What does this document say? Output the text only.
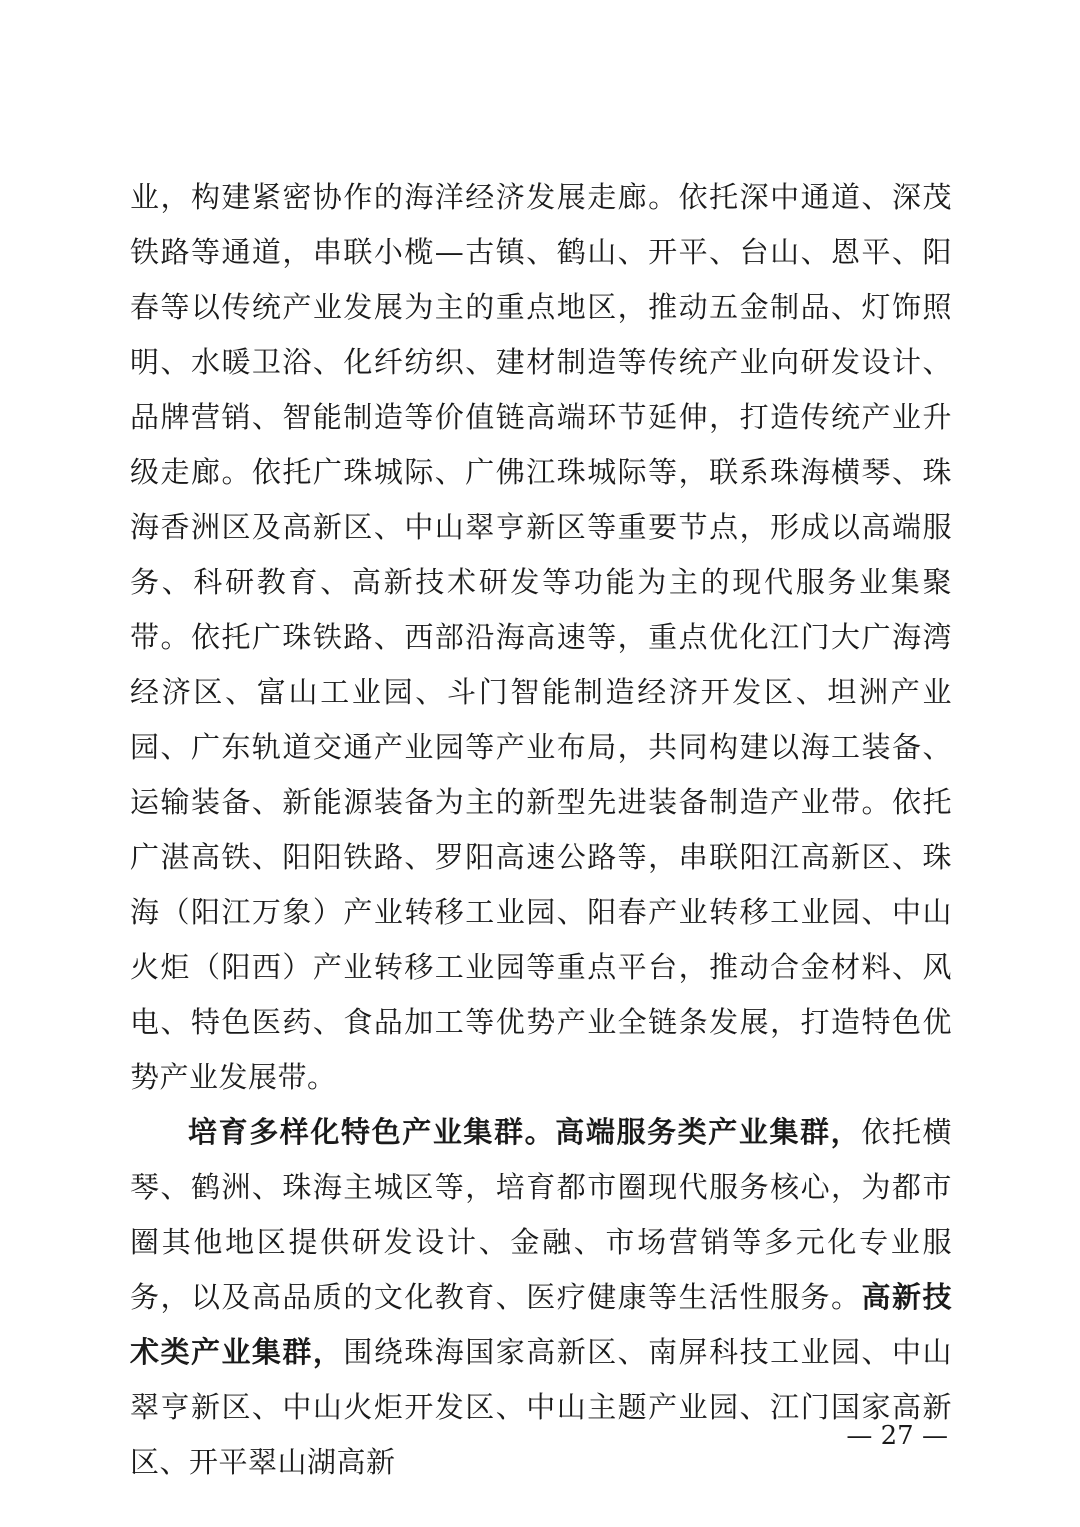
业，构建紧密协作的海洋经济发展走廊。依托深中通道、深茂铁路等通道，串联小榄—古镇、鹤山、开平、台山、恩平、阳春等以传统产业发展为主的重点地区，推动五金制品、灯饰照明、水暖卫浴、化纤纺织、建材制造等传统产业向研发设计、品牌营销、智能制造等价值链高端环节延伸，打造传统产业升级走廊。依托广珠城际、广佛江珠城际等，联系珠海横琴、珠海香洲区及高新区、中山翠亨新区等重要节点，形成以高端服务、科研教育、高新技术研发等功能为主的现代服务业集聚带。依托广珠铁路、西部沿海高速等，重点优化江门大广海湾经济区、富山工业园、斗门智能制造经济开发区、坦洲产业园、广东轨道交通产业园等产业布局，共同构建以海工装备、运输装备、新能源装备为主的新型先进装备制造产业带。依托广湛高铁、阳阳铁路、罗阳高速公路等，串联阳江高新区、珠海（阳江万象）产业转移工业园、阳春产业转移工业园、中山火炬（阳西）产业转移工业园等重点平台，推动合金材料、风电、特色医药、食品加工等优势产业全链条发展，打造特色优势产业发展带。

培育多样化特色产业集群。高端服务类产业集群，依托横琴、鹤洲、珠海主城区等，培育都市圈现代服务核心，为都市圈其他地区提供研发设计、金融、市场营销等多元化专业服务，以及高品质的文化教育、医疗健康等生活性服务。高新技术类产业集群，围绕珠海国家高新区、南屏科技工业园、中山翠亨新区、中山火炬开发区、中山主题产业园、江门国家高新区、开平翠山湖高新

— 27 —
